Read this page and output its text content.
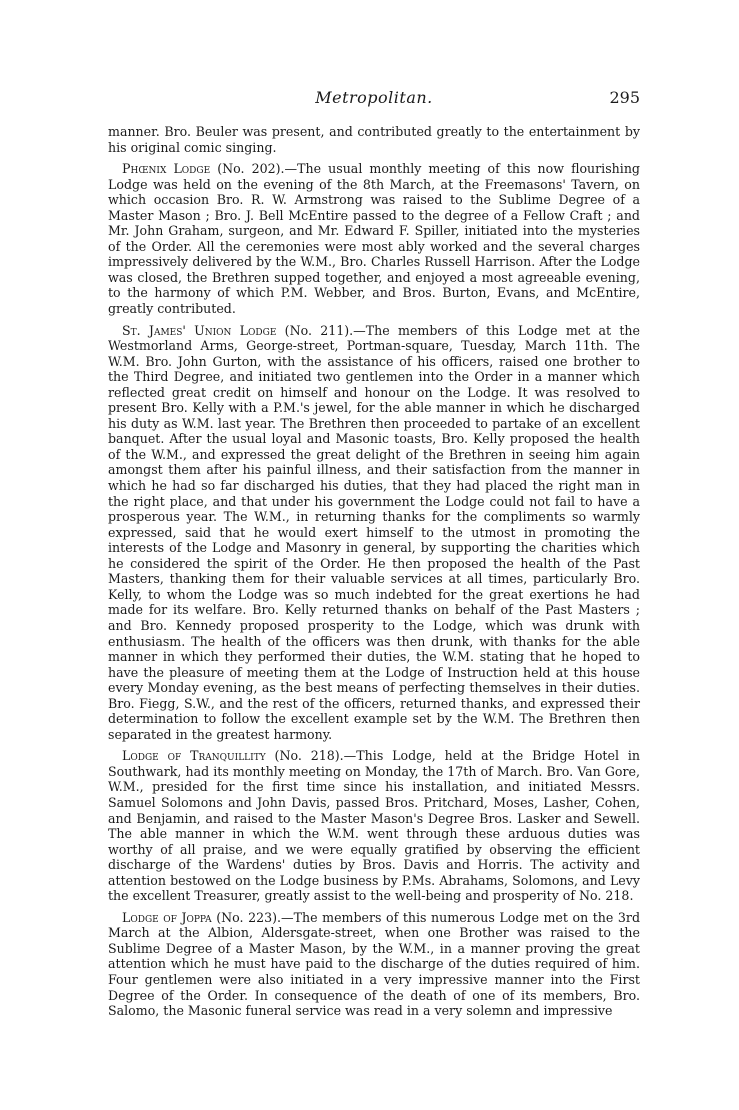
Metropolitan.	295

manner. Bro. Beuler was present, and contributed greatly to the entertainment by his original comic singing.

Phœnix Lodge (No. 202).—The usual monthly meeting of this now flourishing Lodge was held on the evening of the 8th March, at the Freemasons' Tavern, on which occasion Bro. R. W. Armstrong was raised to the Sublime Degree of a Master Mason ; Bro. J. Bell McEntire passed to the degree of a Fellow Craft ; and Mr. John Graham, surgeon, and Mr. Edward F. Spiller, initiated into the mysteries of the Order. All the ceremonies were most ably worked and the several charges impressively delivered by the W.M., Bro. Charles Russell Harrison. After the Lodge was closed, the Brethren supped together, and enjoyed a most agreeable evening, to the harmony of which P.M. Webber, and Bros. Burton, Evans, and McEntire, greatly contributed.

St. James' Union Lodge (No. 211).—The members of this Lodge met at the Westmorland Arms, George-street, Portman-square, Tuesday, March 11th. The W.M. Bro. John Gurton, with the assistance of his officers, raised one brother to the Third Degree, and initiated two gentlemen into the Order in a manner which reflected great credit on himself and honour on the Lodge. It was resolved to present Bro. Kelly with a P.M.'s jewel, for the able manner in which he discharged his duty as W.M. last year. The Brethren then proceeded to partake of an excellent banquet. After the usual loyal and Masonic toasts, Bro. Kelly proposed the health of the W.M., and expressed the great delight of the Brethren in seeing him again amongst them after his painful illness, and their satisfaction from the manner in which he had so far discharged his duties, that they had placed the right man in the right place, and that under his government the Lodge could not fail to have a prosperous year. The W.M., in returning thanks for the compliments so warmly expressed, said that he would exert himself to the utmost in promoting the interests of the Lodge and Masonry in general, by supporting the charities which he considered the spirit of the Order. He then proposed the health of the Past Masters, thanking them for their valuable services at all times, particularly Bro. Kelly, to whom the Lodge was so much indebted for the great exertions he had made for its welfare. Bro. Kelly returned thanks on behalf of the Past Masters ; and Bro. Kennedy proposed prosperity to the Lodge, which was drunk with enthusiasm. The health of the officers was then drunk, with thanks for the able manner in which they performed their duties, the W.M. stating that he hoped to have the pleasure of meeting them at the Lodge of Instruction held at this house every Monday evening, as the best means of perfecting themselves in their duties. Bro. Fiegg, S.W., and the rest of the officers, returned thanks, and expressed their determination to follow the excellent example set by the W.M. The Brethren then separated in the greatest harmony.

Lodge of Tranquillity (No. 218).—This Lodge, held at the Bridge Hotel in Southwark, had its monthly meeting on Monday, the 17th of March. Bro. Van Gore, W.M., presided for the first time since his installation, and initiated Messrs. Samuel Solomons and John Davis, passed Bros. Pritchard, Moses, Lasher, Cohen, and Benjamin, and raised to the Master Mason's Degree Bros. Lasker and Sewell. The able manner in which the W.M. went through these arduous duties was worthy of all praise, and we were equally gratified by observing the efficient discharge of the Wardens' duties by Bros. Davis and Horris. The activity and attention bestowed on the Lodge business by P.Ms. Abrahams, Solomons, and Levy the excellent Treasurer, greatly assist to the well-being and prosperity of No. 218.

Lodge of Joppa (No. 223).—The members of this numerous Lodge met on the 3rd March at the Albion, Aldersgate-street, when one Brother was raised to the Sublime Degree of a Master Mason, by the W.M., in a manner proving the great attention which he must have paid to the discharge of the duties required of him. Four gentlemen were also initiated in a very impressive manner into the First Degree of the Order. In consequence of the death of one of its members, Bro. Salomo, the Masonic funeral service was read in a very solemn and impressive
